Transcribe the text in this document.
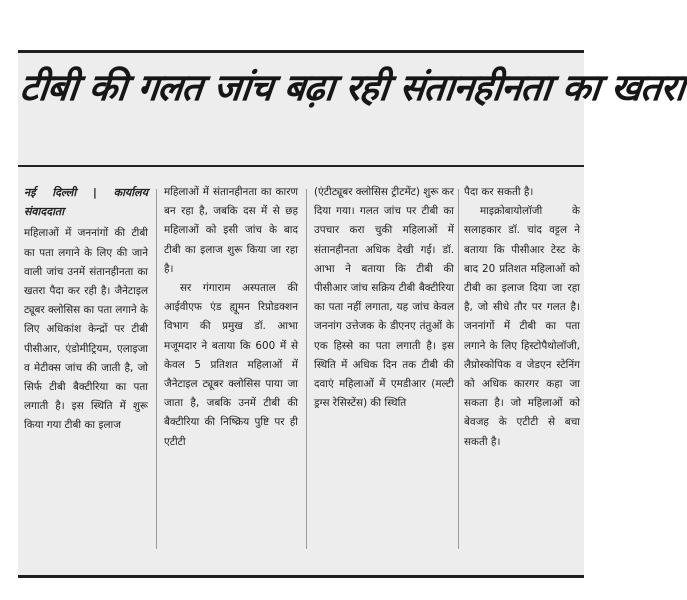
टीबी की गलत जांच बढ़ा रही संतानहीनता का खतरा

नई दिल्ली | कार्यालय संवाददाता

महिलाओं में जननांगों की टीबी का पता लगाने के लिए की जाने वाली जांच उनमें संतानहीनता का खतरा पैदा कर रही है। जैनेटाइल ट्यूबर क्लोसिस का पता लगाने के लिए अधिकांश केन्द्रों पर टीबी पीसीआर, एंडोमीट्रियम, एलाइजा व मेटीक्स जांच की जाती है, जो सिर्फ टीबी बैक्टीरिया का पता लगाती है। इस स्थिति में शुरू किया गया टीबी का इलाज

महिलाओं में संतानहीनता का कारण बन रहा है, जबकि दस में से छह महिलाओं को इसी जांच के बाद टीबी का इलाज शुरू किया जा रहा है।

सर गंगाराम अस्पताल की आईवीएफ एंड ह्यूमन रिप्रोडक्शन विभाग की प्रमुख डॉ. आभा मजूमदार ने बताया कि 600 में से केवल 5 प्रतिशत महिलाओं में जैनेटाइल ट्यूबर क्लोसिस पाया जा जाता है, जबकि उनमें टीबी की बैक्टीरिया की निष्क्रिय पुष्टि पर ही एटीटी

(एंटीट्यूबर क्लोसिस ट्रीटमेंट) शुरू कर दिया गया। गलत जांच पर टीबी का उपचार करा चुकी महिलाओं में संतानहीनता अधिक देखी गई। डॉ. आभा ने बताया कि टीबी की पीसीआर जांच सक्रिय टीबी बैक्टीरिया का पता नहीं लगाता, यह जांच केवल जननांग उत्तेजक के डीएनए तंतुओं के एक हिस्से का पता लगाती है। इस स्थिति में अधिक दिन तक टीबी की दवाएं महिलाओं में एमडीआर (मल्टी ड्रग्स रेसिस्टेंस) की स्थिति

पैदा कर सकती है।

माइक्रोबायोलॉजी के सलाहकार डॉ. चांद वट्टल ने बताया कि पीसीआर टेस्ट के बाद 20 प्रतिशत महिलाओं को टीबी का इलाज दिया जा रहा है, जो सीधे तौर पर गलत है। जननांगों में टीबी का पता लगाने के लिए हिस्टोपैथोलॉजी, लैप्रोस्कोपिक व जेडएन स्टेनिंग को अधिक कारगर कहा जा सकता है। जो महिलाओं को बेवजह के एटीटी से बचा सकती है।
